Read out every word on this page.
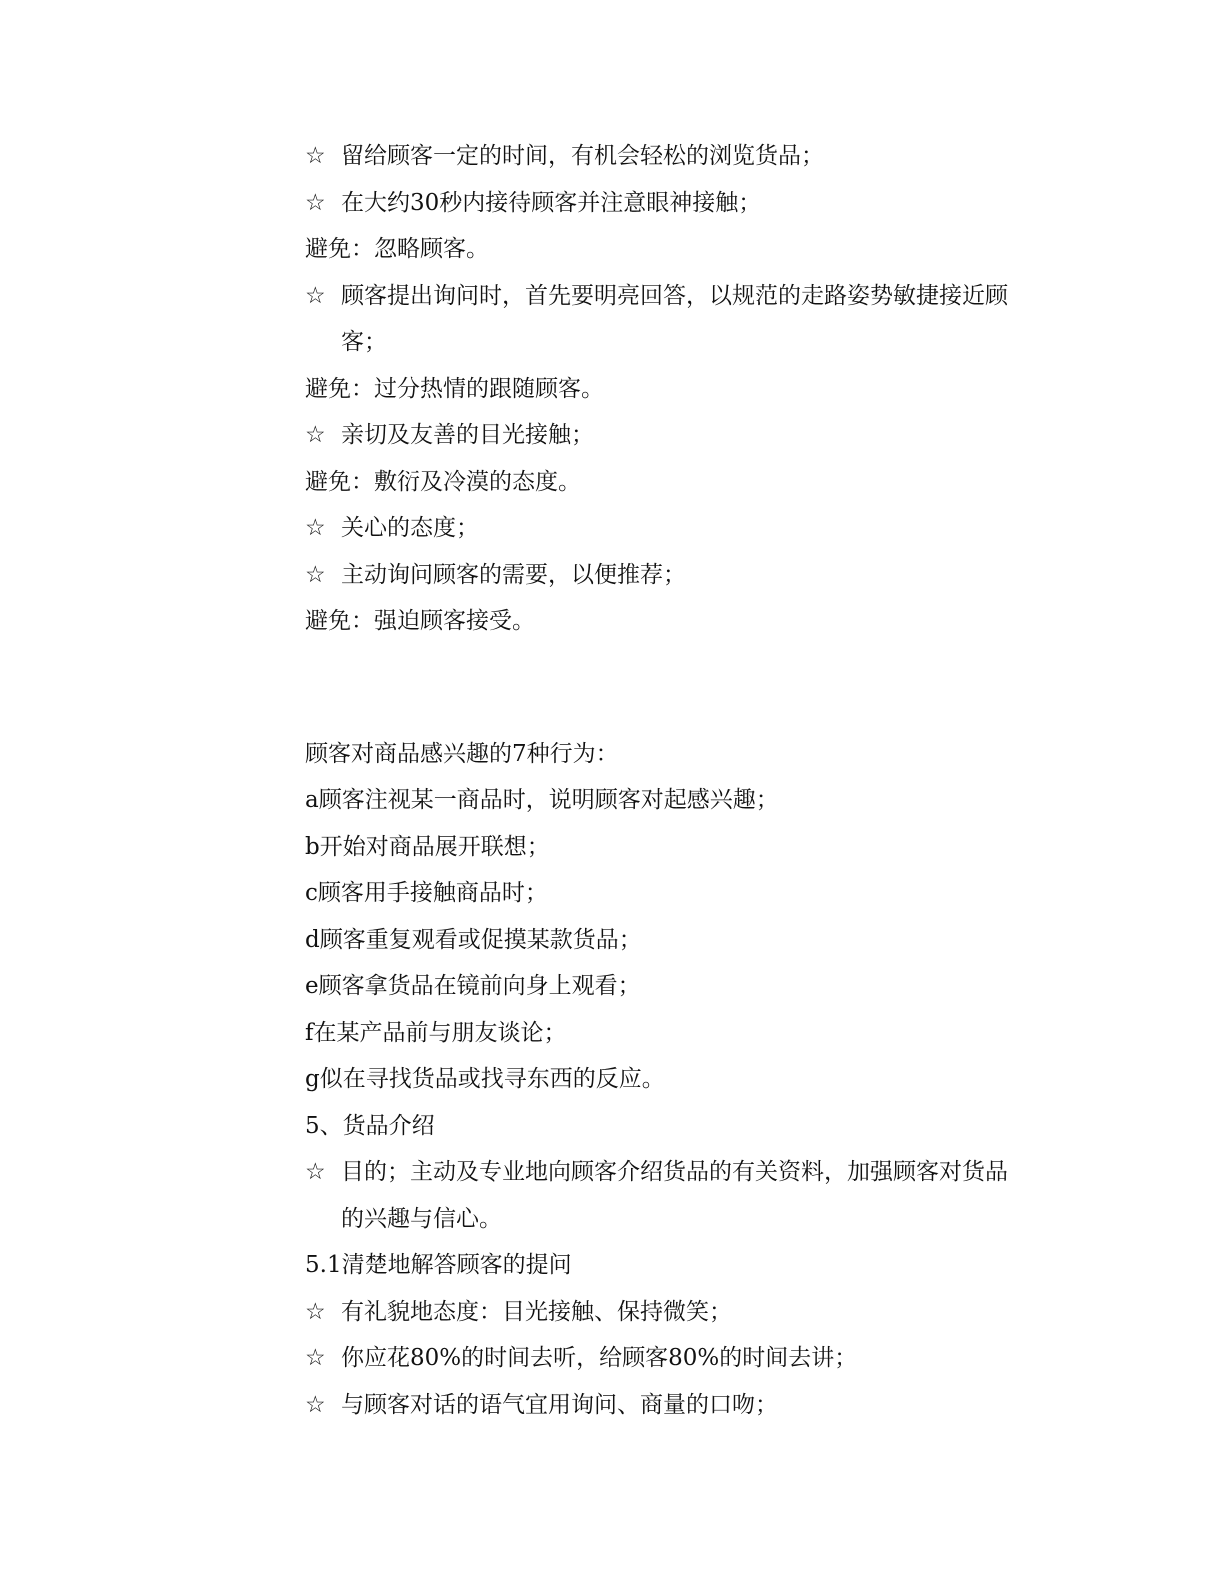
☆ 留给顾客一定的时间，有机会轻松的浏览货品；
☆ 在大约30秒内接待顾客并注意眼神接触；
避免：忽略顾客。
☆ 顾客提出询问时，首先要明亮回答，以规范的走路姿势敏捷接近顾
客；
避免：过分热情的跟随顾客。
☆ 亲切及友善的目光接触；
避免：敷衍及冷漠的态度。
☆ 关心的态度；
☆ 主动询问顾客的需要，以便推荐；
避免：强迫顾客接受。
顾客对商品感兴趣的7种行为：
a顾客注视某一商品时，说明顾客对起感兴趣；
b开始对商品展开联想；
c顾客用手接触商品时；
d顾客重复观看或促摸某款货品；
e顾客拿货品在镜前向身上观看；
f在某产品前与朋友谈论；
g似在寻找货品或找寻东西的反应。
5、货品介绍
☆ 目的；主动及专业地向顾客介绍货品的有关资料，加强顾客对货品
的兴趣与信心。
5.1清楚地解答顾客的提问
☆ 有礼貌地态度：目光接触、保持微笑；
☆ 你应花80%的时间去听，给顾客80%的时间去讲；
☆ 与顾客对话的语气宜用询问、商量的口吻；
